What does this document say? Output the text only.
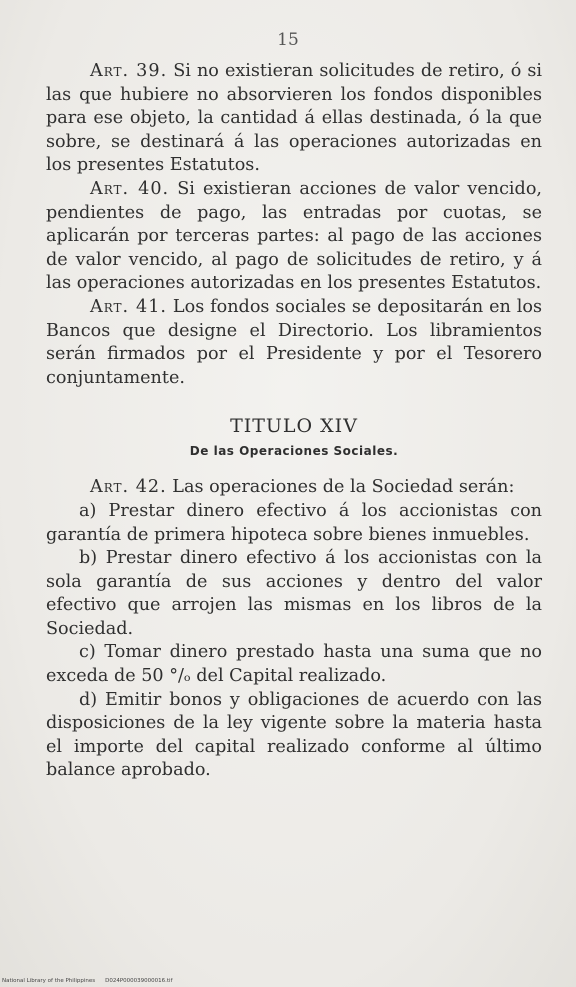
15

Art. 39. Si no existieran solicitudes de retiro, ó si las que hubiere no absorvieren los fondos disponibles para ese objeto, la cantidad á ellas destinada, ó la que sobre, se destinará á las operaciones autorizadas en los presentes Estatutos.

Art. 40. Si existieran acciones de valor vencido, pendientes de pago, las entradas por cuotas, se aplicarán por terceras partes: al pago de las acciones de valor vencido, al pago de solicitudes de retiro, y á las operaciones autorizadas en los presentes Estatutos.

Art. 41. Los fondos sociales se depositarán en los Bancos que designe el Directorio. Los libramientos serán firmados por el Presidente y por el Tesorero conjuntamente.

TITULO XIV
De las Operaciones Sociales.

Art. 42. Las operaciones de la Sociedad serán:

a) Prestar dinero efectivo á los accionistas con garantía de primera hipoteca sobre bienes inmuebles.

b) Prestar dinero efectivo á los accionistas con la sola garantía de sus acciones y dentro del valor efectivo que arrojen las mismas en los libros de la Sociedad.

c) Tomar dinero prestado hasta una suma que no exceda de 50 °/ₒ del Capital realizado.

d) Emitir bonos y obligaciones de acuerdo con las disposiciones de la ley vigente sobre la materia hasta el importe del capital realizado conforme al último balance aprobado.

National Library of the Philippines D024P000039000016.tif
